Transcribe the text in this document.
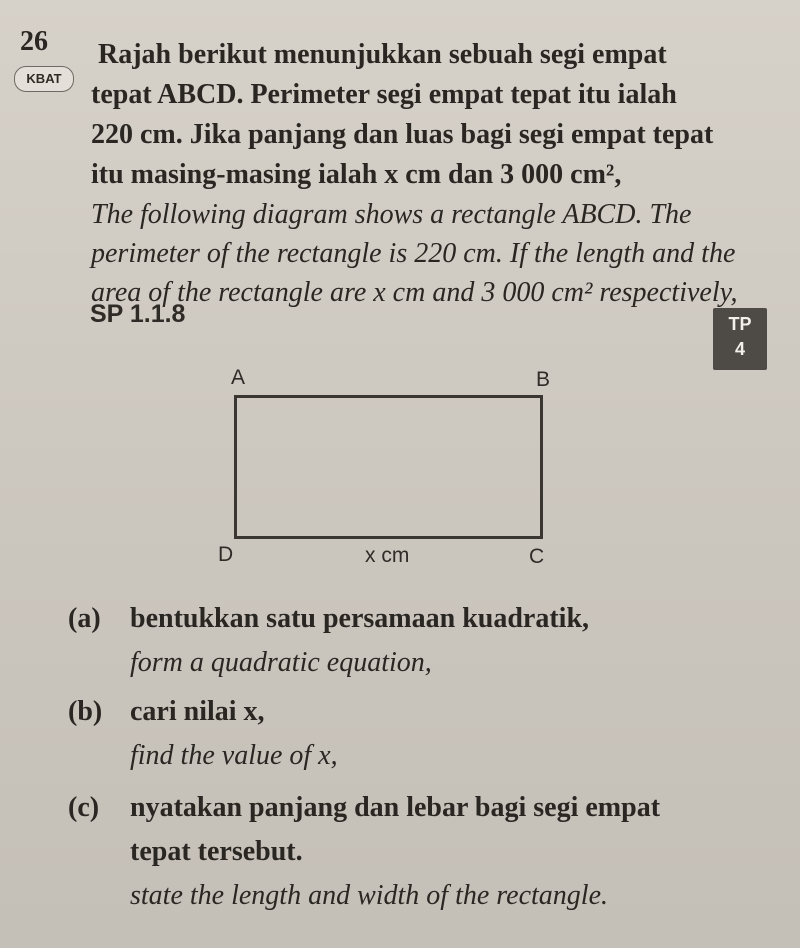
26
KBAT
Rajah berikut menunjukkan sebuah segi empat
tepat ABCD. Perimeter segi empat tepat itu ialah
220 cm. Jika panjang dan luas bagi segi empat tepat
itu masing-masing ialah x cm dan 3 000 cm²,
The following diagram shows a rectangle ABCD. The
perimeter of the rectangle is 220 cm. If the length and the
area of the rectangle are x cm and 3 000 cm² respectively,
SP 1.1.8	TP
4
A	B
D	C
x cm
(a) bentukkan satu persamaan kuadratik,
form a quadratic equation,
(b) cari nilai x,
find the value of x,
(c) nyatakan panjang dan lebar bagi segi empat
tepat tersebut.
state the length and width of the rectangle.
